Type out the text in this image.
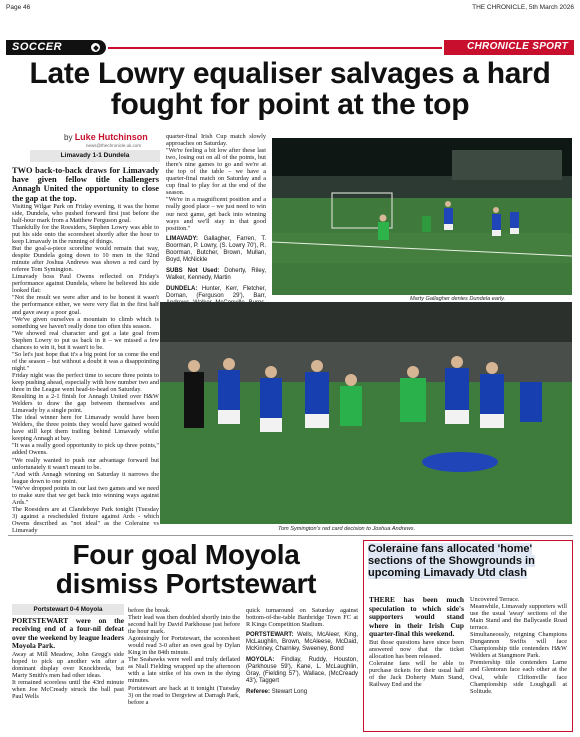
Page 46	THE CHRONICLE, 5th March 2026
SOCCER	CHRONICLE SPORT
Late Lowry equaliser salvages a hard fought for point at the top
by Luke Hutchinson
news@thechronicle.uk.com
Limavady 1-1 Dundela

TWO back-to-back draws for Limavady have given fellow title challengers Annagh United the opportunity to close the gap at the top.

Visiting Wilgar Park on Friday evening, it was the home side, Dundela, who pushed forward first just before the half-hour mark from a Matthew Ferguson goal.

Thankfully for the Roesiders, Stephen Lowry was able to put his side onto the scoresheet shortly after the hour to keep Limavady in the running of things.

But the goal-a-piece scoreline would remain that way, despite Dundela going down to 10 men in the 92nd minute after Joshua Andrews was shown a red card by referee Tom Symington.

Limavady boss Paul Owens reflected on Friday's performance against Dundela, where he believed his side looked flat:

"Not the result we were after and to be honest it wasn't the performance either, we were very flat in the first half and gave away a poor goal.

"We've given ourselves a mountain to climb which is something we haven't really done too often this season.

"We showed real character and got a late goal from Stephen Lowry to put us back in it – we missed a few chances to win it, but it wasn't to be.

"So let's just hope that it's a big point for us come the end of the season – but without a doubt it was a disappointing night."

Friday night was the perfect time to secure three points to keep pushing ahead, especially with how number two and three in the League went head-to-head on Saturday.

Resulting in a 2-1 finish for Annagh United over H&W Welders to draw the gap between themselves and Limavady by a single point.

The ideal winner here for Limavady would have been Welders, the three points they would have gained would have still kept them trailing behind Limavady whilst keeping Annagh at bay.

"It was a really good opportunity to pick up three points," added Owens.

"We really wanted to push our advantage forward but unfortunately it wasn't meant to be.

"And with Annagh winning on Saturday it narrows the league down to one point.

"We've dropped points in our last two games and we need to make sure that we get back into winning ways against Ards."

The Roesiders are at Clandeboye Park tonight (Tuesday 3) against a rescheduled fixture against Ards - which Owens described as "not ideal" as the Coleraine vs Limavady

quarter-final Irish Cup match slowly approaches on Saturday.

"We're feeling a bit low after these last two, losing out on all of the points, but there's nine games to go and we're at the top of the table – we have a quarter-final match on Saturday and a cup final to play for at the end of the season.

"We're in a magnificent position and a really good place – we just need to win our next game, get back into winning ways and we'll stay in that good position."

LIMAVADY: Gallagher, Farren, T. Boorman, P. Lowry, (S. Lowry 70'), R. Boorman, Butcher, Brown, Mullan, Boyd, McNickle

SUBS Not Used: Doherty, Riley, Walker, Kennedy, Martin

DUNDELA: Hunter, Kerr, Fletcher, Dornan, (Ferguson 29'), Barr,

Marty Gallagher denies Dundela early.
Tom Symington's red card decision to Joshua Andrews.
Four goal Moyola dismiss Portstewart
Portstewart 0-4 Moyola

PORTSTEWART were on the receiving end of a four-nil defeat over the weekend by league leaders Moyola Park.

Away at Mill Meadow, John Gregg's side hoped to pick up another win after a dominant display over Knockbreda, but Marty Smith's men had other ideas.

It remained scoreless until the 43rd minute when Joe McCready struck the ball past Paul Wells

before the break.

Their lead was then doubled shortly into the second half by David Parkhouse just before the hour mark.

Agonisingly for Portstewart, the scoresheet would read 3-0 after an own goal by Dylan King in the 84th minute.

The Seahawks were well and truly deflated as Niall Fielding wrapped up the afternoon with a late strike of his own in the dying minutes.

Portstewart are back at it tonight (Tuesday 3) on the road to Dergview at Darragh Park, before a

quick turnaround on Saturday against bottom-of-the-table Banbridge Town FC at R Kings Competition Stadium.

PORTSTEWART: Wells, McAleer, King, McLaughlin, Brown, McAleese, McDaid, McKinney, Charnley, Sweeney, Bond

MOYOLA: Findlay, Ruddy, Houston, (Parkhouse 59'), Kane, L. McLaughlin, Gray, (Fielding 57'), Wallace, (McCready 43'), Taggert

Referee: Stewart Long

Coleraine fans allocated 'home' sections of the Showgrounds in upcoming Limavady Utd clash

THERE has been much speculation to which side's supporters would stand where in their Irish Cup quarter-final this weekend.

But those questions have since been answered now that the ticket allocation has been released.

Coleraine fans will be able to purchase tickets for their usual half of the Jack Doherty Main Stand, Railway End and the

Uncovered Terrace.

Meanwhile, Limavady supporters will use the usual 'away' sections of the Main Stand and the Ballycastle Road terrace.

Simultaneously, reigning Champions Dungannon Swifts will face Championship title contenders H&W Welders at Stangmore Park.

Premiership title contenders Larne and Glentoran face each other at the Oval, while Cliftonville face Championship side Loughgall at Solitude.
